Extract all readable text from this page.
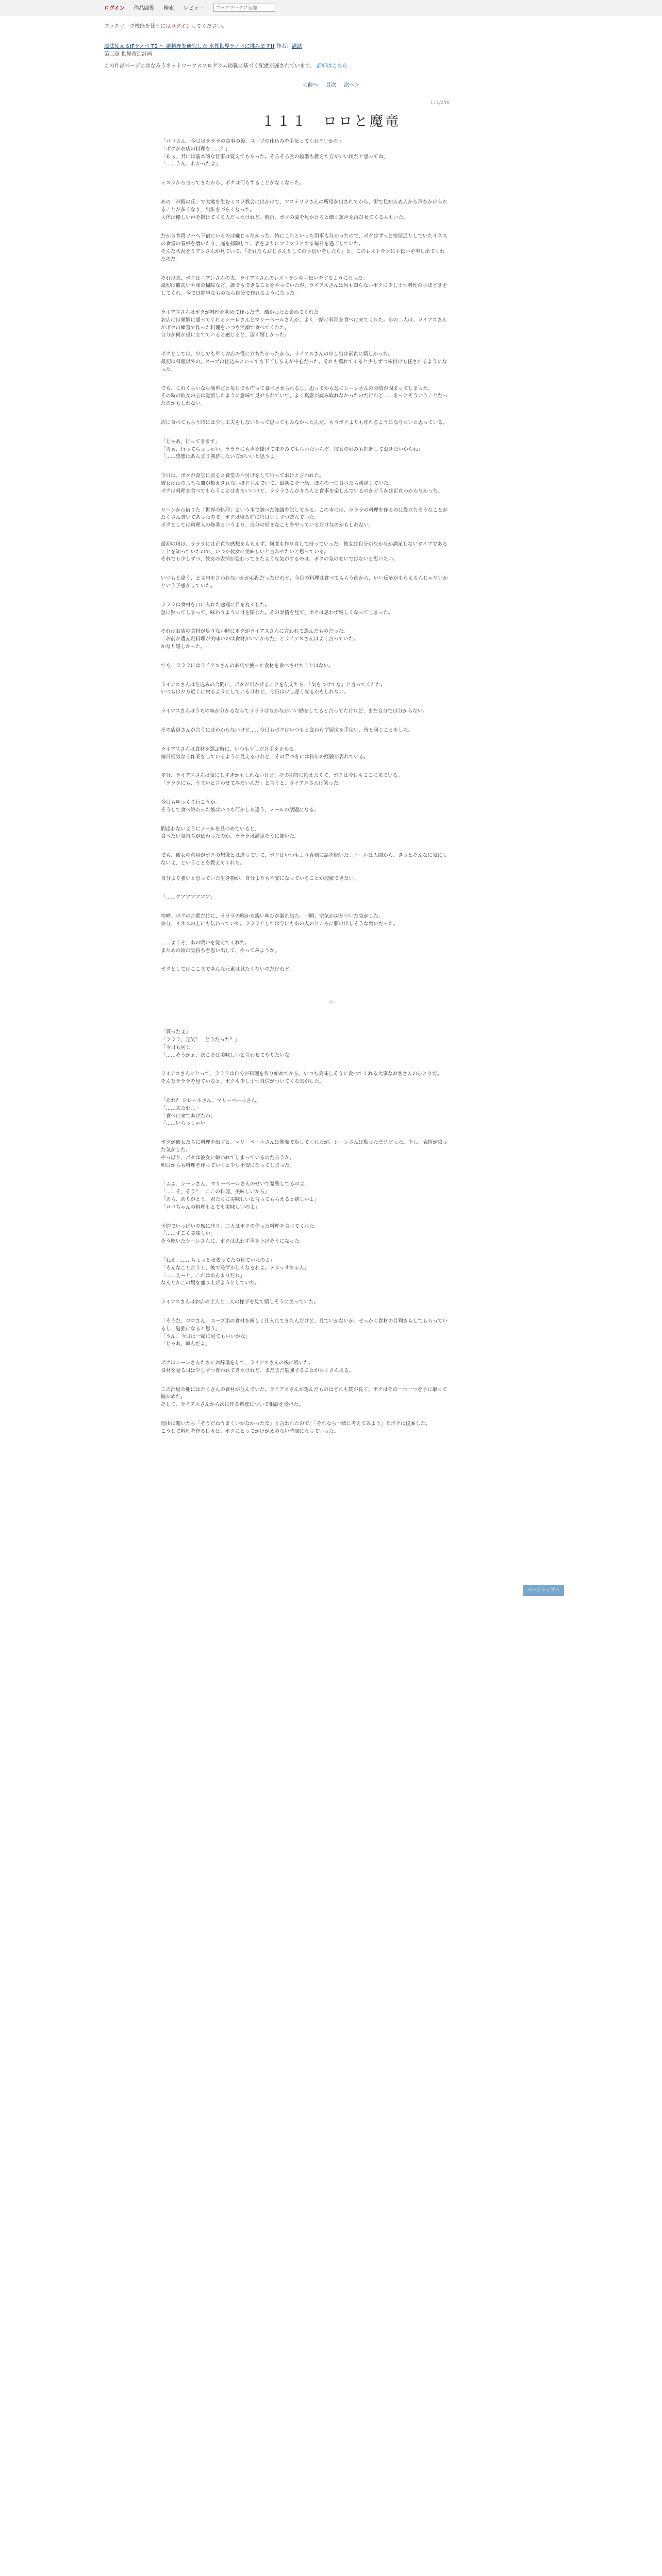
ログイン 作品閲覧 検索 レビュー
ブックマークに追加
ブックマーク機能を使うにはログインしてください。
魔法使えるIFラノベ TS 〜 謎料理を研究した 水異世界ラノベに挑みます!! 作者：溝鉄
第三章 世界改造計画
この作品ページにはなろうネットワークスプログラム掲載に基づく配慮が施されています。 詳細はこちら
＜前へ 目次 次へ＞
111/250
１１１　ロロと魔竜

「ロロさん、今日はラララの食事の後、スープの仕込みを手伝ってくれないかな」
「ボクがお店の料理を……？」
「あぁ、君には基本的な仕事は覚えてもらった。そろそろ次の段階も教えた方がいい頃だと思ってね」
「……うん、わかったよ」

ミスラから言ってきたから、ボクは何もすることがなくなった。

あの「神殿の丘」で大地を生むミスラ教会に出かけて、アステリラさんの所用が出されてから、街で見知らぬ人から声をかけられることが多くなり、出歩きづらくなった。
大体は優しい声を掛けてくる人だったけれど、時折、ボクの姿を見かけると酷く罵声を浴びせてくる人もいた。

だから普段ソーヘ下宿にいるのは嫌じゃなかった。特にこれといった用事もなかったので、ボクはずっと宿屋通りしていたイネスの食堂の看板を磨いたり、庭を掃除して、表をよりにフラフラとする毎日を過ごしていた。
そんな状況をミアンさんが見ていて、「それならおじさんとしての手伝いをしたら」と、このレストランに手伝いを申し出てくれたのだ。

それ以来、ボクはエアンさんの夫、ライアスさんのレストランの手伝いをするようになった。
最初は皿洗いや床の掃除など、誰でもできることをやっていたが、ライアスさんは何も知らないボクに少しずつ料理の手ほどきをしてくれ、今では簡単なものなら自分で作れるようになった。

ライアスさんはボクが料理を初めて作った時、酷かったと褒めてくれた。
お店には頻繁に通ってくれるシーレさんとマリーベールさんが、よく一緒に料理を食べに来てくれた。あの二人は、ライアスさんがボクの練習で作った料理をいつも笑顔で食べてくれた。
自分が何か役に立てていると感じると、凄く嬉しかった。

ボクとしては、少しでも早くお店の役に立ちたかったから、ライアスさんの申し出は素直に嬉しかった。
最初は料理以外の、スープの仕込みといっても下ごしらえが中心だった。それも慣れてくると少しずつ味付けも任されるようになった。

でも、これくらいなら簡単だと毎日でも作って食べさせられるし、思ってから急にシーレさんの表情が固まってしまった。
その時の彼女の心は覚悟したように意味で見せられていて、よく真意が読み取れなかったのだけれど……きっとそういうことだったのかもしれない。

次に食べてもらう時には少し工夫をしないとって思ってもみなかったんだ。もうボクよりも作れるようになりたいと思っている。

「じゃあ、行ってきます」
「あぁ、行ってらっしゃい。ラララにも声を掛けて味をみてもらいたいんだ。彼女の好みも把握しておきたいからね」
「……感想はあんまり期待しない方がいいと思うよ」

今日は、ボクが食堂に戻ると食堂の片付けをして行っておけと言われた。
彼女は山のような皿が数えきれないほど並んでいて、最初こそ一品、ほんの一口食べたら満足していた。
ボクは料理を食べてもらうことはまあいいけど、ラララさんがきちんと食事を楽しんでいるのかどうかは正直わからなかった。

リーンから借りた「世界の料理」という本で調べた知識を試してみる。この本には、ラララの料理を作るのに役立ちそうなことがたくさん書いてあったので、ボクは寝る前に毎日少しずつ読んでいた。
ボクとしては料理人の修業というより、自分の好きなことをやっているだけなのかもしれない。

最初の頃は、ラララには正直な感想をもらえず、何度も作り直して持っていった。彼女は自分がなかなか満足しないタイプであることを知っていたので、いつか彼女に美味しいと言わせたいと思っている。
それでも少しずつ、彼女の表情が変わってきたような気がするのは、ボクの気のせいではないと思いたい。

いつもと違う、と文句を言われないかが心配だったけれど、今日の料理は食べてもらう前から、いい反応がもらえるんじゃないかという予感がしていた。

ラララは食材を口に入れた途端に目を丸くした。
急に黙ってしまって、味わうように目を閉じた。その表情を見て、ボクは思わず嬉しくなってしまった。

それはお店の食材が足りない時にボクがライアスさんに言われて選んだものだった。
「お前が選んだ料理が美味いのは食材がいいからだ」とライアスさんはよく言っていた。
かなり嬉しかった。

でも、ラララにはライアスさんのお店で使った食材を食べさせたことはない。

ライアスさんは仕込みの合間に、ボクが出かけることを伝えたら、「気をつけてな」と言ってくれた。
いつもは夕方近くに戻るようにしているけれど、今日は少し遅くなるかもしれない。

ライアスさんはうちの味が分かるならてラララはなかなかいい勘をしてると言ってたけれど、まだ自分では分からない。

その店員さんが言うにはわからないけど……今日もボクはいつもと変わらず厨房を手伝い、皆と同じことをした。

ライアスさんは食材を選ぶ時に、いつも少しだけ手を止める。
毎日何気なく作業をしているように見えるけれど、その手つきには長年の経験が表れている。

多分、ライアスさんは気にしすぎかもしれないけど、その期待に応えたくて、ボクは今日もここに来ている。
「ラララにも、うまいと言わせてみたいんだ」と言うと、ライアスさんは笑った。

今日もゆっくり行こうか。
そうして食べ終わった後はいつも何かしら違う、ノールの話題になる。

間違わないようにノールを見つめていると、
食べたい気持ちが伝わったのか、ラララは満足そうに頷いた。

でも、彼女の意見がボクの想像とは違っていて、ボクはいつもより真剣に話を聞いた。ノールは人間から、きっとそんなに気にしないよ、ということを教えてくれた。

自分より強いと思っていた生き物が、自分よりも不安になっていることが理解できない。

「……グアアアアアア」

咆哮。ボクの言葉だけに、ラララの喉から鋭い叫びが漏れ出た。一瞬、空気が凍りついた気がした。
多分、イネスの上にも伝わっていた。ラララとしては今にもあの人のところに駆け出しそうな勢いだった。

……よくぞ、あの戦いを覚えてくれた。
またあの頃の気持ちを思い出して、やってみようか。

ボクとしてはここまであんな元素は見たくないのだけれど。

＊

「貰ったよ」
「ラララ、元気？　どうだった？」
「今日も同じ」
「……そうかぁ、次こそは美味しいと言わせてやりたいな」

ライアスさんにとって、ラララは自分が料理を作り始めてから、いつも美味しそうに食べてくれる大事なお客さんのひとりだ。
そんなラララを見ていると、ボクも少しずつ自信がついてくる気がした。

「あれ？ シレーネさん、マリーベールさん」
「……来たわよ」
「食べに来てあげたわ」
「……いらっしゃい」

ボクが彼女たちに料理を出すと、マリーベールさんは笑顔で返してくれたが、シーレさんは黙ったままだった。少し、表情が陰った気がした。
やっぱり、ボクは彼女に嫌われてしまっているのだろうか。
明日からも料理を作っていくと少し不安になってしまった。

「ふふ、シーレさん、マリーベールさんのせいで緊張してるのよ」
「……そ、そう？　ここの料理、美味しいから」
「あら、ありがとう。君たちに美味しいと言ってもらえると嬉しいよ」
「ロロちゃんの料理もとても美味しいのよ」

予約でいっぱいの席に座り、二人はボクの作った料理を食べてくれた。
「……すごく美味しい」
そう呟いたシーレさんに、ボクは思わず声を上げそうになった。

「ねえ、……ちょっと頑張ってたの見ていたのよ」
「そんなこと言うと、後で恥ずかしくなるわよ。メリッサちゃん」
「……えーと、これはあんまりだね」
なんとかこの場を盛り上げようとしていた。

ライアスさんはお店の主人と二人の様子を見て嬉しそうに笑っていた。

「そうだ、ロロさん。スープ用の食材を新しく仕入れてきたんだけど、見ていかないか。せっかく食材の目利きもしてもらっているし、勉強になると思う」
「うん、今日は一緒に見てもいいかな」
「じゃあ、頼んだよ」

ボクはシーレさんたちにお辞儀をして、ライアスさんの後に続いた。
食材を見る目は少しずつ養われてきたけれど、まだまだ勉強することがたくさんある。

この部屋の棚にはたくさんの食材が並んでいた。ライアスさんが選んだものはどれも質が良く、ボクはその一つ一つを手に取って確かめた。
そして、ライアスさんから次に作る料理について相談を受けた。

理由は聞いたら「そうだねうまくいかなかったな」と言われたので、「それなら一緒に考えてみよう」とボクは提案した。
こうして料理を作る日々は、ボクにとってかけがえのない時間になっていった。

ページトップへ
